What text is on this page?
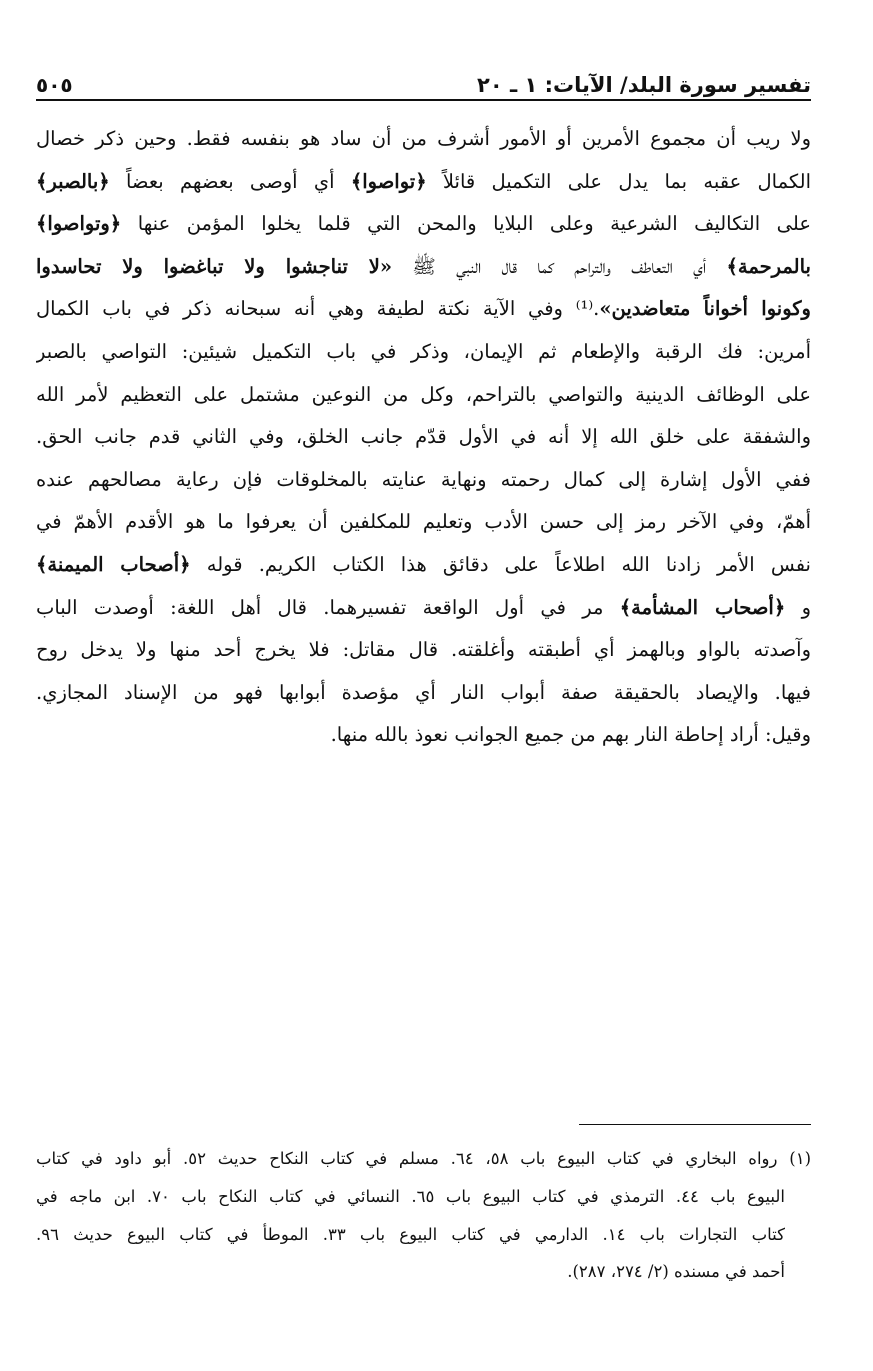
تفسير سورة البلد/ الآيات: ١ ـ ٢٠
٥٠٥
ولا ريب أن مجموع الأمرين أو الأمور أشرف من أن ساد هو بنفسه فقط. وحين ذكر خصال
الكمال عقبه بما يدل على التكميل قائلاً ﴿تواصوا﴾ أي أوصى بعضهم بعضاً ﴿بالصبر﴾
على التكاليف الشرعية وعلى البلايا والمحن التي قلما يخلوا المؤمن عنها ﴿وتواصوا﴾
بالمرحمة﴾ أي التعاطف والتراحم كما قال النبي ﷺ «لا تناجشوا ولا تباغضوا ولا تحاسدوا
وكونوا أخواناً متعاضدين».⁽¹⁾ وفي الآية نكتة لطيفة وهي أنه سبحانه ذكر في باب الكمال
أمرين: فك الرقبة والإطعام ثم الإيمان، وذكر في باب التكميل شيئين: التواصي بالصبر
على الوظائف الدينية والتواصي بالتراحم، وكل من النوعين مشتمل على التعظيم لأمر الله
والشفقة على خلق الله إلا أنه في الأول قدّم جانب الخلق، وفي الثاني قدم جانب الحق.
ففي الأول إشارة إلى كمال رحمته ونهاية عنايته بالمخلوقات فإن رعاية مصالحهم عنده
أهمّ، وفي الآخر رمز إلى حسن الأدب وتعليم للمكلفين أن يعرفوا ما هو الأقدم الأهمّ في
نفس الأمر زادنا الله اطلاعاً على دقائق هذا الكتاب الكريم. قوله ﴿أصحاب الميمنة﴾
و ﴿أصحاب المشأمة﴾ مر في أول الواقعة تفسيرهما. قال أهل اللغة: أوصدت الباب
وآصدته بالواو وبالهمز أي أطبقته وأغلقته. قال مقاتل: فلا يخرج أحد منها ولا يدخل روح
فيها. والإيصاد بالحقيقة صفة أبواب النار أي مؤصدة أبوابها فهو من الإسناد المجازي.
وقيل: أراد إحاطة النار بهم من جميع الجوانب نعوذ بالله منها.
(١) رواه البخاري في كتاب البيوع باب ٥٨، ٦٤. مسلم في كتاب النكاح حديث ٥٢. أبو داود في كتاب
البيوع باب ٤٤. الترمذي في كتاب البيوع باب ٦٥. النسائي في كتاب النكاح باب ٧٠. ابن ماجه في
كتاب التجارات باب ١٤. الدارمي في كتاب البيوع باب ٣٣. الموطأ في كتاب البيوع حديث ٩٦.
أحمد في مسنده (٢/ ٢٧٤، ٢٨٧).
